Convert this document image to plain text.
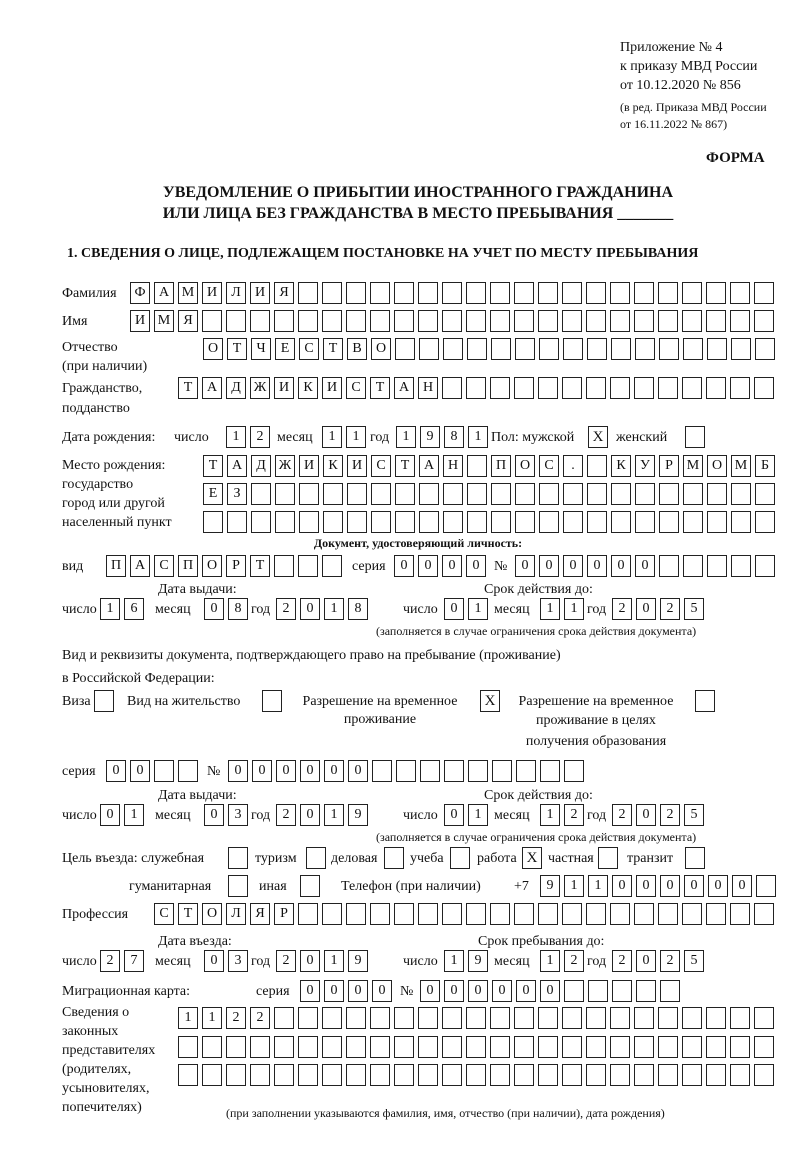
Приложение № 4
к приказу МВД России
от 10.12.2020 № 856
(в ред. Приказа МВД России
от 16.11.2022 № 867)
ФОРМА
УВЕДОМЛЕНИЕ О ПРИБЫТИИ ИНОСТРАННОГО ГРАЖДАНИНА
ИЛИ ЛИЦА БЕЗ ГРАЖДАНСТВА В МЕСТО ПРЕБЫВАНИЯ _______
1. СВЕДЕНИЯ О ЛИЦЕ, ПОДЛЕЖАЩЕМ ПОСТАНОВКЕ НА УЧЕТ ПО МЕСТУ ПРЕБЫВАНИЯ
Фамилия	Ф А М И	Л	И	Я
Имя	И М Я
Отчество
(при наличии)
О	Т	Ч	Е	С	Т	В	О
Гражданство,
подданство
Т	А	Д Ж И	К	И	С	Т	А Н
Дата рождения: число	1	2 месяц	1	1 год 1	9	8	1 Пол: мужской	X женский
Место рождения:
государство
город или другой
населенный пункт
Т	А	Д Ж И	К	И	С	Т	А Н	П О	С	.	К	У	Р М О М Б
Е	З
Документ, удостоверяющий личность:
вид	П А	С	П О	Р	Т	серия	0	0	0	0	№	0	0	0	0	0	0
Дата выдачи:	Срок действия до:
число 1	6	месяц	0	8 год 2	0	1	8	число 0	1 месяц	1	1 год 2	0	2	5
(заполняется в случае ограничения срока действия документа)
Вид и реквизиты документа, подтверждающего право на пребывание (проживание)
в Российской Федерации:
Виза	Вид на жительство	Разрешение на временное
проживание
X	Разрешение на временное
проживание в целях
получения образования
серия	0	0	№	0	0	0	0	0	0
Дата выдачи:	Срок действия до:
число 0	1	месяц	0	3 год 2	0	1	9	число 0	1 месяц	1	2 год 2	0	2	5
(заполняется в случае ограничения срока действия документа)
Цель въезда: служебная	туризм деловая учеба работа X частная транзит
гуманитарная	иная	Телефон (при наличии) +7	9	1	1	0	0	0	0	0	0
Профессия	С	Т	О	Л	Я	Р
Дата въезда:	Срок пребывания до:
число 2	7	месяц	0	3 год 2	0	1	9	число 1	9 месяц	1	2 год 2	0	2	5
Миграционная карта:	серия	0	0	0	0	№ 0	0	0	0	0	0
Сведения о
законных
представителях
(родителях,
усыновителях,
попечителях)
1	1	2	2
(при заполнении указываются фамилия, имя, отчество (при наличии), дата рождения)
